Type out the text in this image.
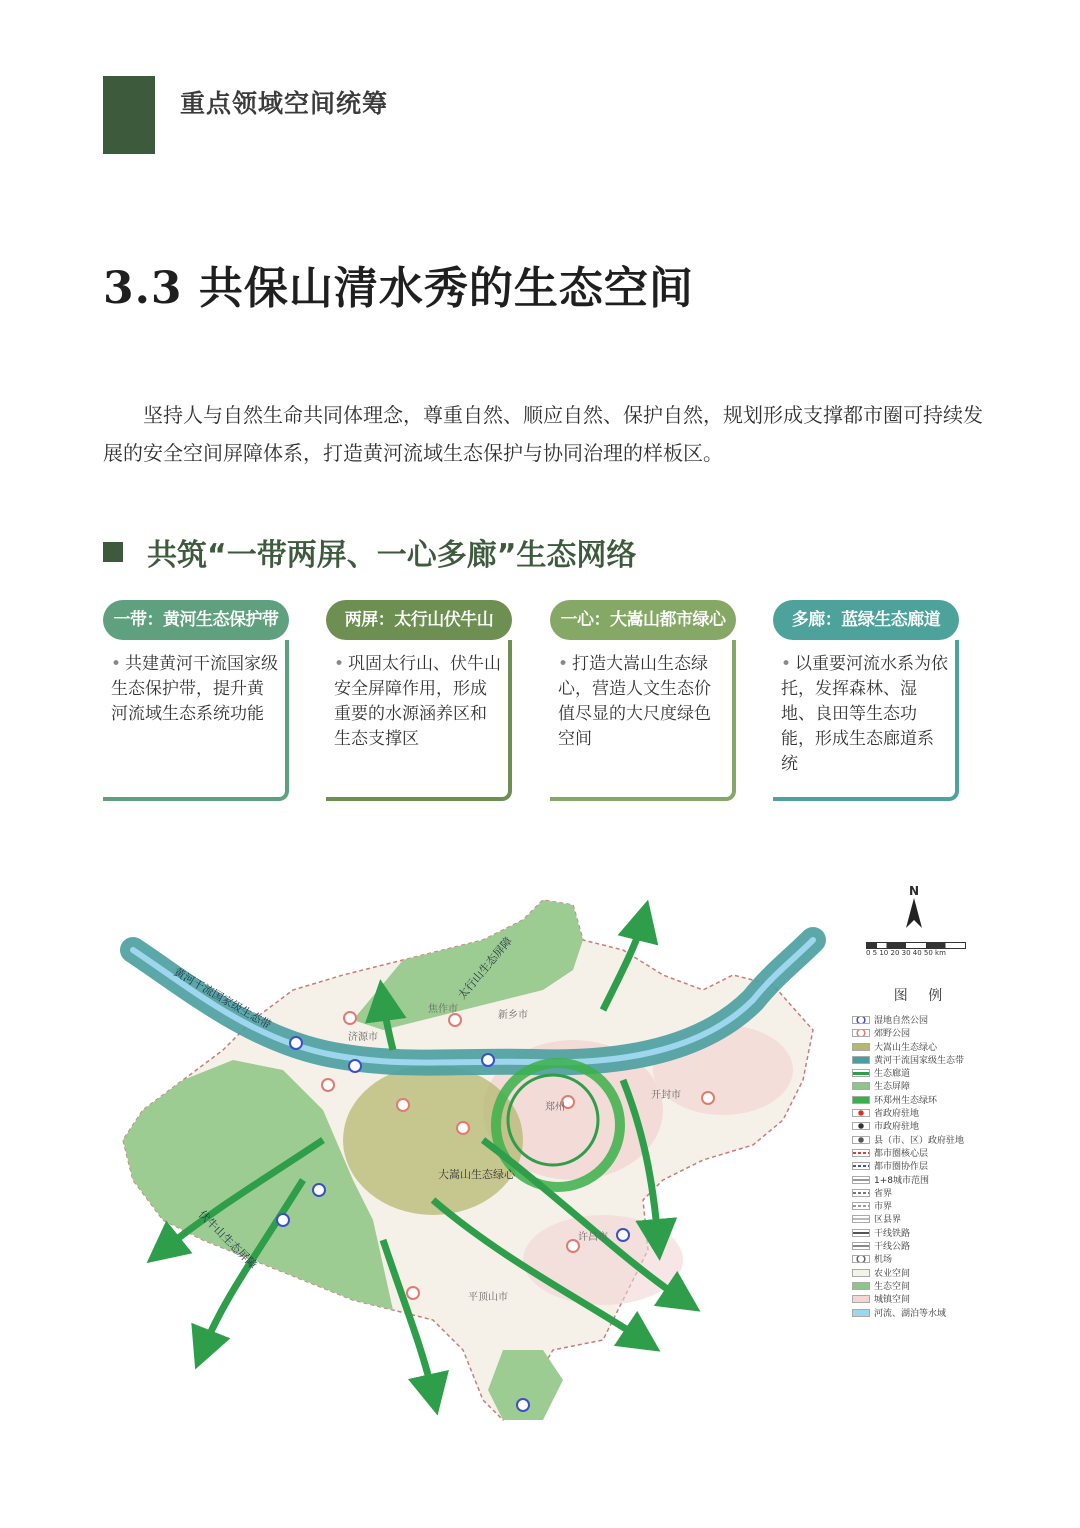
重点领域空间统筹
3.3 共保山清水秀的生态空间

坚持人与自然生命共同体理念，尊重自然、顺应自然、保护自然，规划形成支撑都市圈可持续发展的安全空间屏障体系，打造黄河流域生态保护与协同治理的样板区。

共筑“一带两屏、一心多廊”生态网络
一带：黄河生态保护带
• 共建黄河干流国家级生态保护带，提升黄河流域生态系统功能
两屏：太行山伏牛山
• 巩固太行山、伏牛山安全屏障作用，形成重要的水源涵养区和生态支撑区
一心：大嵩山都市绿心
• 打造大嵩山生态绿心，营造人文生态价值尽显的大尺度绿色空间
多廊：蓝绿生态廊道
• 以重要河流水系为依托，发挥森林、湿地、良田等生态功能，形成生态廊道系统
黄河干流国家级生态带	太行山生态屏障
伏牛山生态屏障
大嵩山生态绿心
济源市
焦作市
新乡市
郑州
开封市
许昌市
平顶山市
N
0 5 10 20 30 40 50 km
图 例
湿地自然公园
郊野公园
大嵩山生态绿心
黄河干流国家级生态带
生态廊道
生态屏障
环郑州生态绿环
省政府驻地
市政府驻地
县（市、区）政府驻地
都市圈核心层
都市圈协作层
1+8城市范围
省界
市界
区县界
干线铁路
干线公路
机场
农业空间
生态空间
城镇空间
河流、湖泊等水域
